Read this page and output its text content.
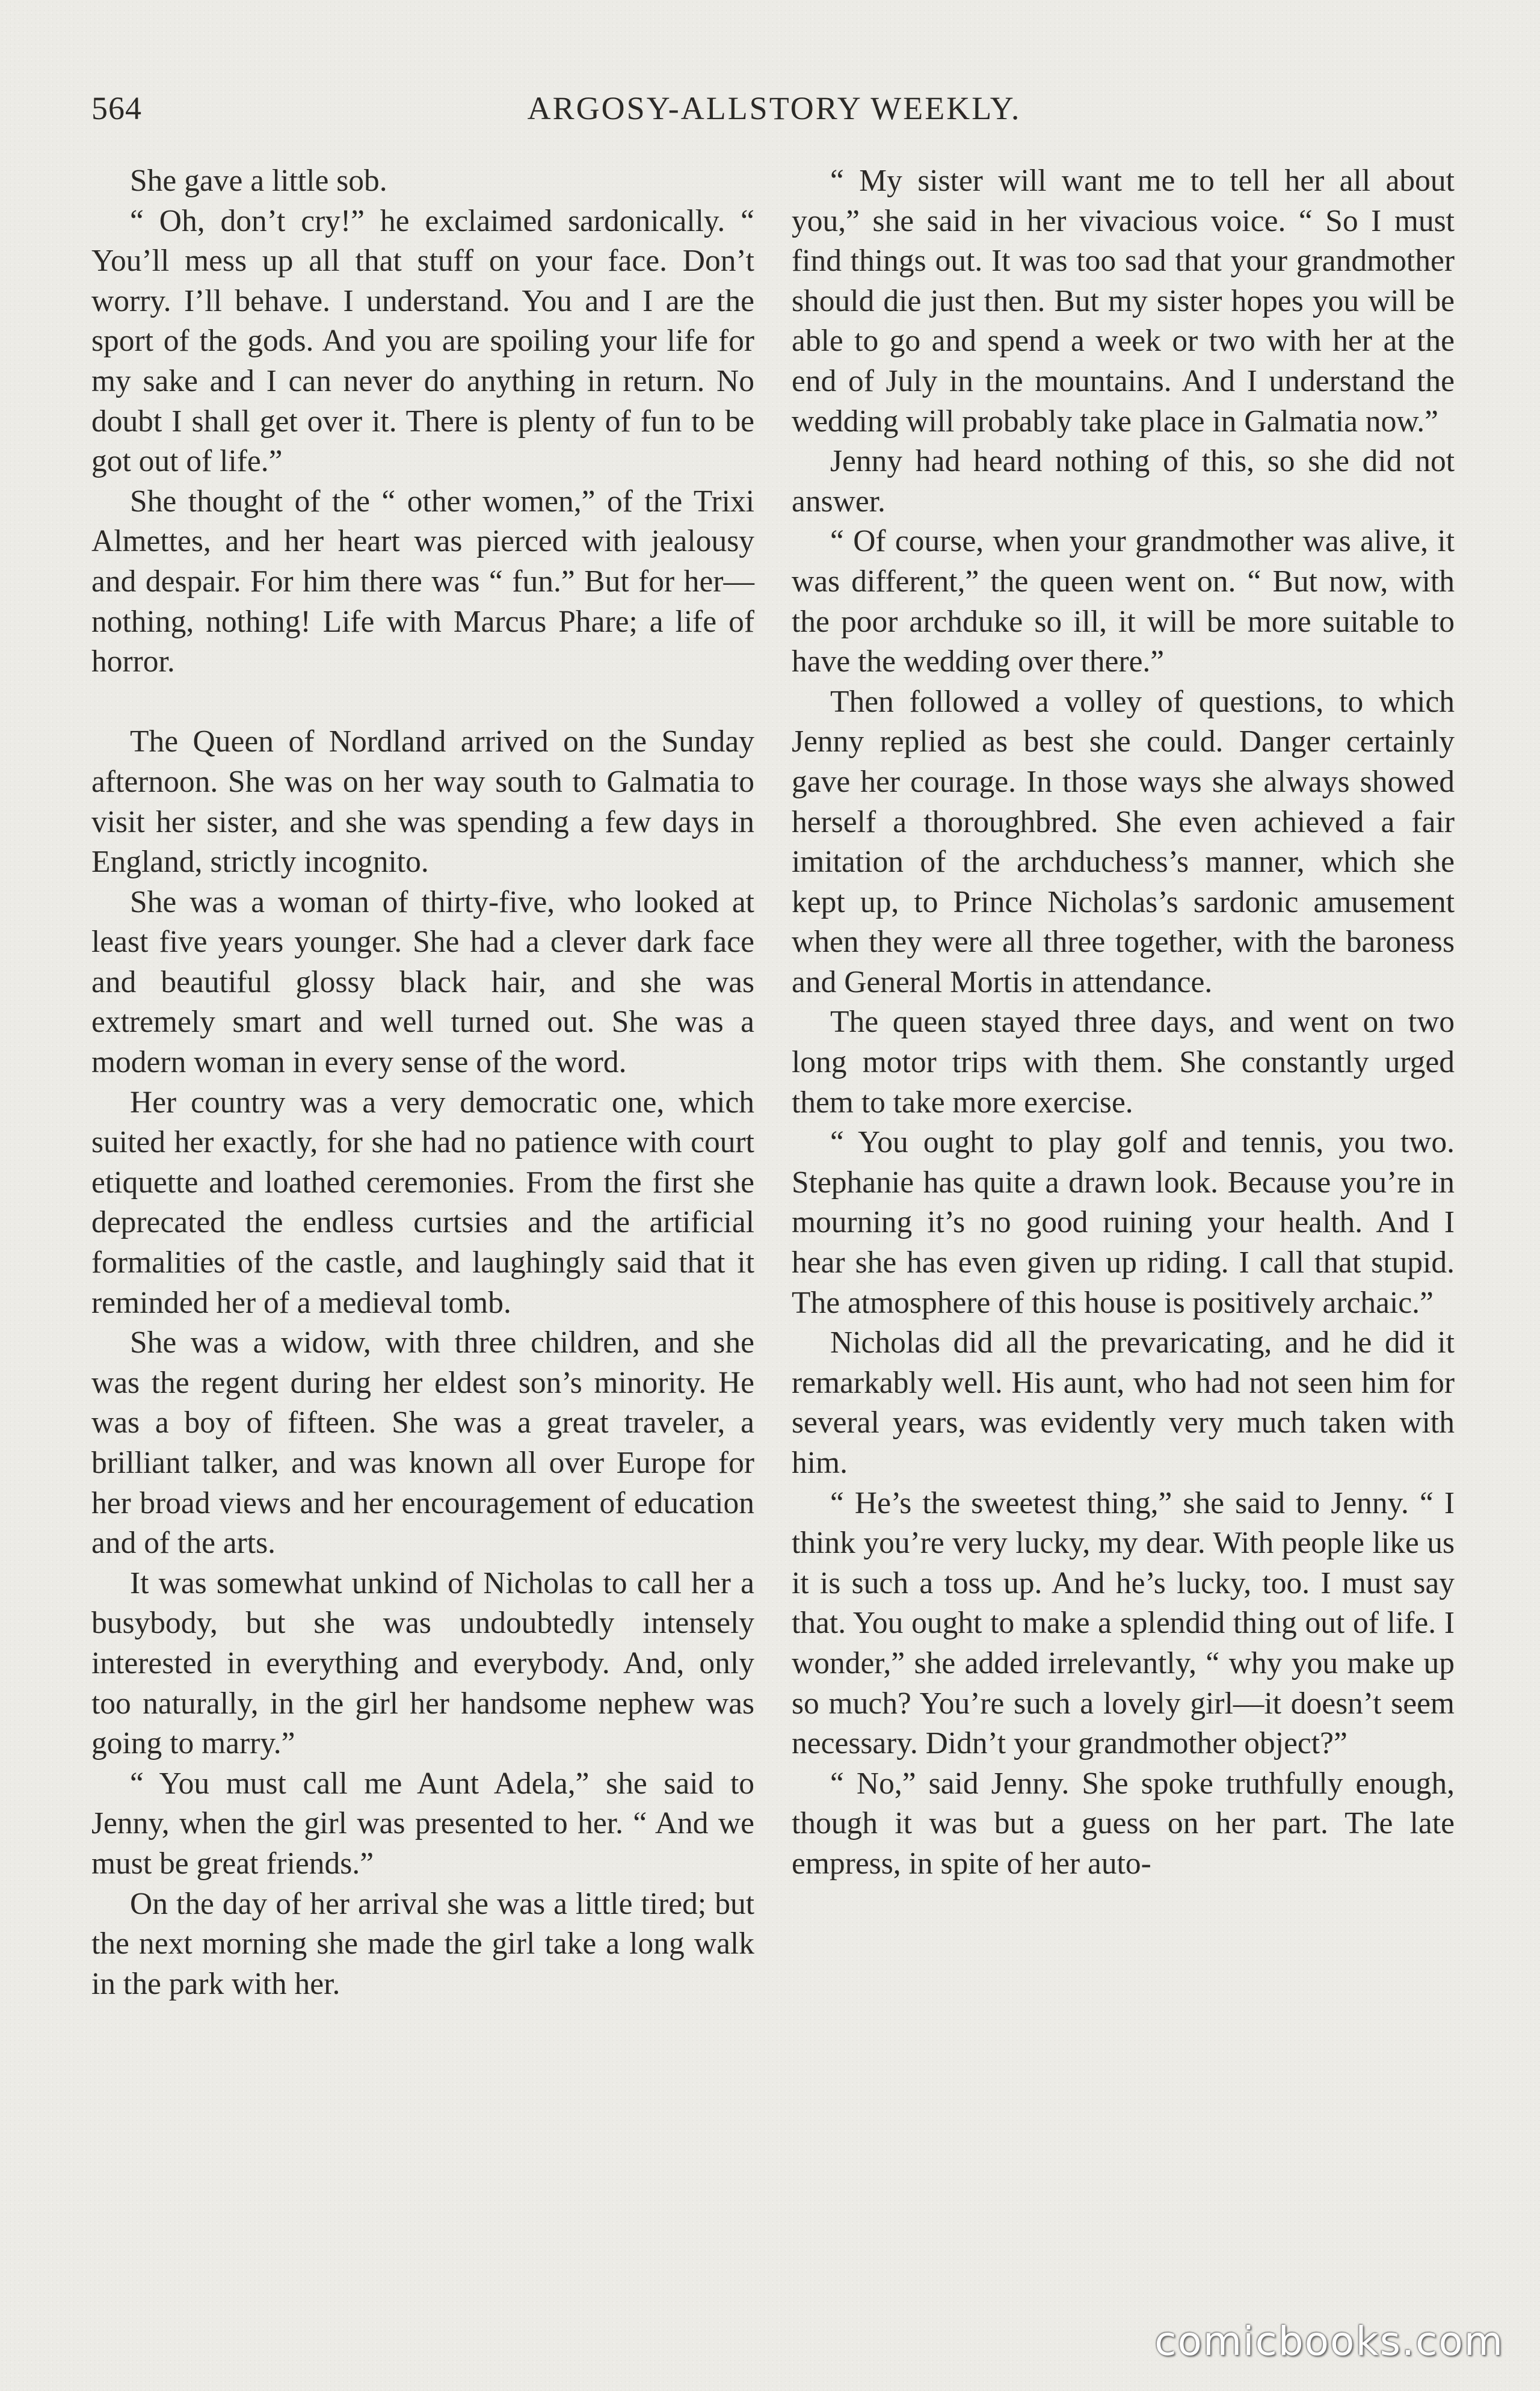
564	ARGOSY-ALLSTORY WEEKLY.

She gave a little sob.

“ Oh, don’t cry!” he exclaimed sardonically. “ You’ll mess up all that stuff on your face. Don’t worry. I’ll behave. I understand. You and I are the sport of the gods. And you are spoiling your life for my sake and I can never do anything in return. No doubt I shall get over it. There is plenty of fun to be got out of life.”

She thought of the “ other women,” of the Trixi Almettes, and her heart was pierced with jealousy and despair. For him there was “ fun.” But for her—nothing, nothing! Life with Marcus Phare; a life of horror.

The Queen of Nordland arrived on the Sunday afternoon. She was on her way south to Galmatia to visit her sister, and she was spending a few days in England, strictly incognito.

She was a woman of thirty-five, who looked at least five years younger. She had a clever dark face and beautiful glossy black hair, and she was extremely smart and well turned out. She was a modern woman in every sense of the word.

Her country was a very democratic one, which suited her exactly, for she had no patience with court etiquette and loathed ceremonies. From the first she deprecated the endless curtsies and the artificial formalities of the castle, and laughingly said that it reminded her of a medieval tomb.

She was a widow, with three children, and she was the regent during her eldest son’s minority. He was a boy of fifteen. She was a great traveler, a brilliant talker, and was known all over Europe for her broad views and her encouragement of education and of the arts.

It was somewhat unkind of Nicholas to call her a busybody, but she was undoubtedly intensely interested in everything and everybody. And, only too naturally, in the girl her handsome nephew was going to marry.”

“ You must call me Aunt Adela,” she said to Jenny, when the girl was presented to her. “ And we must be great friends.”

On the day of her arrival she was a little tired; but the next morning she made the girl take a long walk in the park with her.

“ My sister will want me to tell her all about you,” she said in her vivacious voice. “ So I must find things out. It was too sad that your grandmother should die just then. But my sister hopes you will be able to go and spend a week or two with her at the end of July in the mountains. And I understand the wedding will probably take place in Galmatia now.”

Jenny had heard nothing of this, so she did not answer.

“ Of course, when your grandmother was alive, it was different,” the queen went on. “ But now, with the poor archduke so ill, it will be more suitable to have the wedding over there.”

Then followed a volley of questions, to which Jenny replied as best she could. Danger certainly gave her courage. In those ways she always showed herself a thoroughbred. She even achieved a fair imitation of the archduchess’s manner, which she kept up, to Prince Nicholas’s sardonic amusement when they were all three together, with the baroness and General Mortis in attendance.

The queen stayed three days, and went on two long motor trips with them. She constantly urged them to take more exercise.

“ You ought to play golf and tennis, you two. Stephanie has quite a drawn look. Because you’re in mourning it’s no good ruining your health. And I hear she has even given up riding. I call that stupid. The atmosphere of this house is positively archaic.”

Nicholas did all the prevaricating, and he did it remarkably well. His aunt, who had not seen him for several years, was evidently very much taken with him.

“ He’s the sweetest thing,” she said to Jenny. “ I think you’re very lucky, my dear. With people like us it is such a toss up. And he’s lucky, too. I must say that. You ought to make a splendid thing out of life. I wonder,” she added irrelevantly, “ why you make up so much? You’re such a lovely girl—it doesn’t seem necessary. Didn’t your grandmother object?”

“ No,” said Jenny. She spoke truthfully enough, though it was but a guess on her part. The late empress, in spite of her auto-

comicbooks.com
